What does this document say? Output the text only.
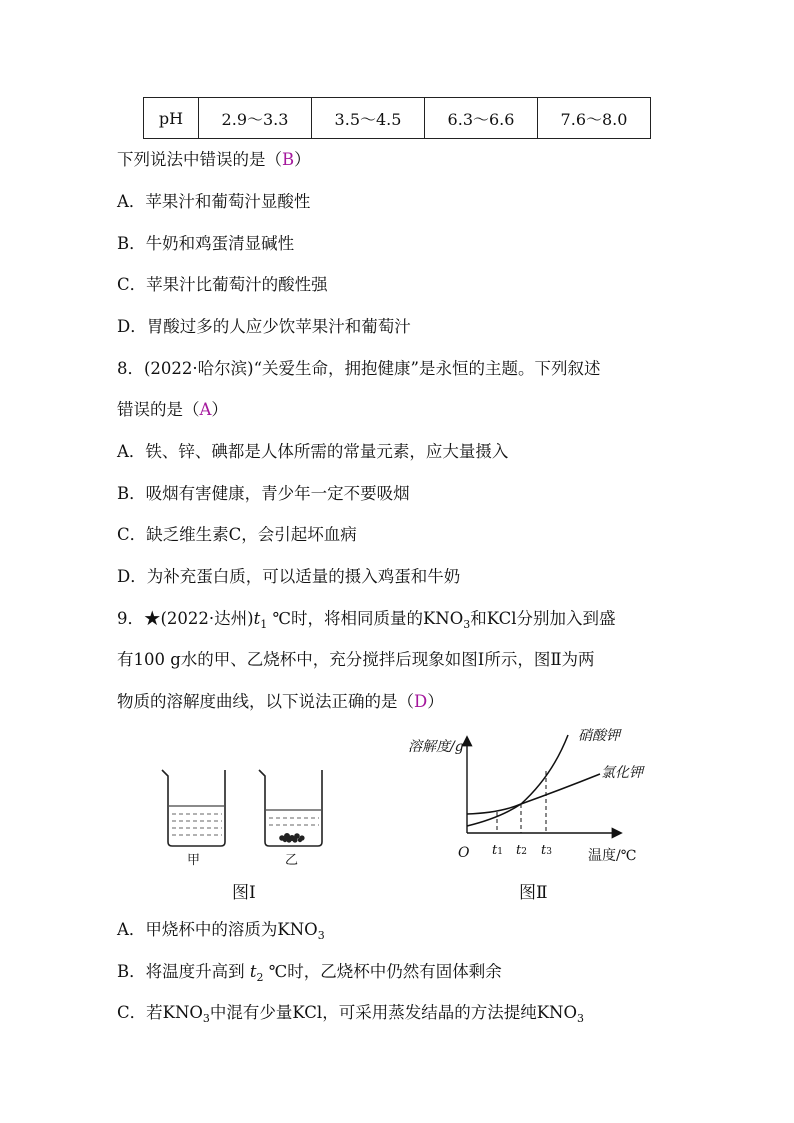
pH	2.9～3.3	3.5～4.5	6.3～6.6	7.6～8.0
下列说法中错误的是（B）
A．苹果汁和葡萄汁显酸性
B．牛奶和鸡蛋清显碱性
C．苹果汁比葡萄汁的酸性强
D．胃酸过多的人应少饮苹果汁和葡萄汁
8．(2022·哈尔滨)“关爱生命，拥抱健康”是永恒的主题。下列叙述
错误的是（A）
A．铁、锌、碘都是人体所需的常量元素，应大量摄入
B．吸烟有害健康，青少年一定不要吸烟
C．缺乏维生素C，会引起坏血病
D．为补充蛋白质，可以适量的摄入鸡蛋和牛奶
9．★(2022·达州)$t_1$ ℃时，将相同质量的$KNO_3$和KCl分别加入到盛
有100 g水的甲、乙烧杯中，充分搅拌后现象如图Ⅰ所示，图Ⅱ为两
物质的溶解度曲线，以下说法正确的是（D）
甲	乙
图Ⅰ
溶解度/g
温度/℃
O t1 t2 t3
硝酸钾
氯化钾
图Ⅱ
A．甲烧杯中的溶质为$KNO_3$
B．将温度升高到 $t_2$ ℃时，乙烧杯中仍然有固体剩余
C．若$KNO_3$中混有少量KCl，可采用蒸发结晶的方法提纯$KNO_3$
